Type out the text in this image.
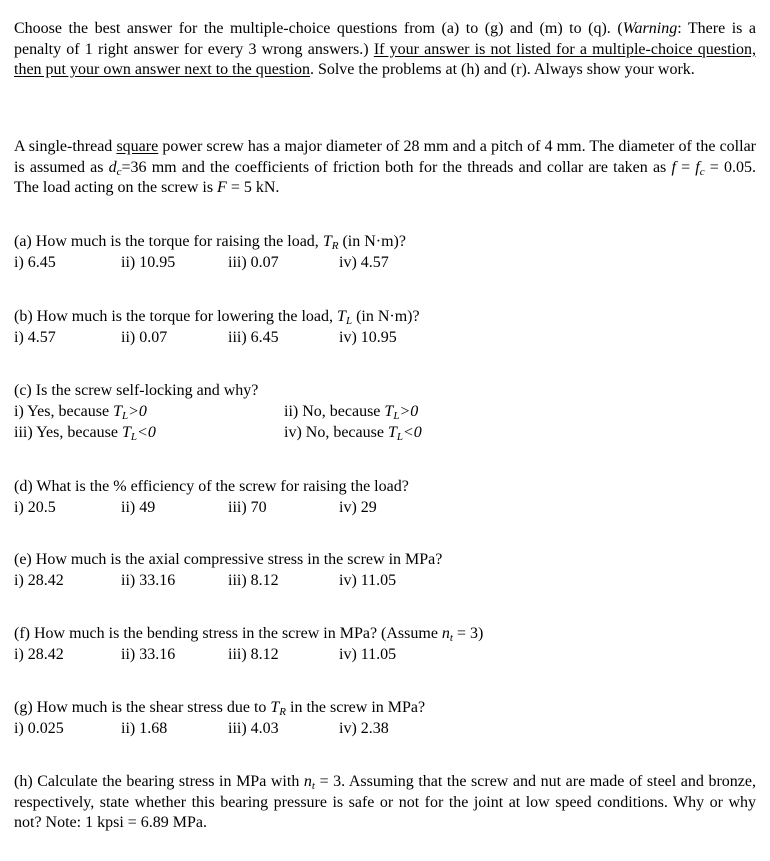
Choose the best answer for the multiple-choice questions from (a) to (g) and (m) to (q). (Warning: There is a penalty of 1 right answer for every 3 wrong answers.) If your answer is not listed for a multiple-choice question, then put your own answer next to the question. Solve the problems at (h) and (r). Always show your work.
A single-thread square power screw has a major diameter of 28 mm and a pitch of 4 mm. The diameter of the collar is assumed as $d_c=36$ mm and the coefficients of friction both for the threads and collar are taken as $f = f_c = 0.05$. The load acting on the screw is F = 5 kN.
(a) How much is the torque for raising the load, $T_R$ (in N·m)?
i) 6.45	ii) 10.95	iii) 0.07	iv) 4.57
(b) How much is the torque for lowering the load, $T_L$ (in N·m)?
i) 4.57	ii) 0.07	iii) 6.45	iv) 10.95
(c) Is the screw self-locking and why?
i) Yes, because $T_L>0$	ii) No, because $T_L>0$
iii) Yes, because $T_L<0$	iv) No, because $T_L<0$
(d) What is the % efficiency of the screw for raising the load?
i) 20.5	ii) 49	iii) 70	iv) 29
(e) How much is the axial compressive stress in the screw in MPa?
i) 28.42	ii) 33.16	iii) 8.12	iv) 11.05
(f) How much is the bending stress in the screw in MPa? (Assume $n_t = 3$)
i) 28.42	ii) 33.16	iii) 8.12	iv) 11.05
(g) How much is the shear stress due to $T_R$ in the screw in MPa?
i) 0.025	ii) 1.68	iii) 4.03	iv) 2.38
(h) Calculate the bearing stress in MPa with $n_t = 3$. Assuming that the screw and nut are made of steel and bronze, respectively, state whether this bearing pressure is safe or not for the joint at low speed conditions. Why or why not? Note: 1 kpsi = 6.89 MPa.
